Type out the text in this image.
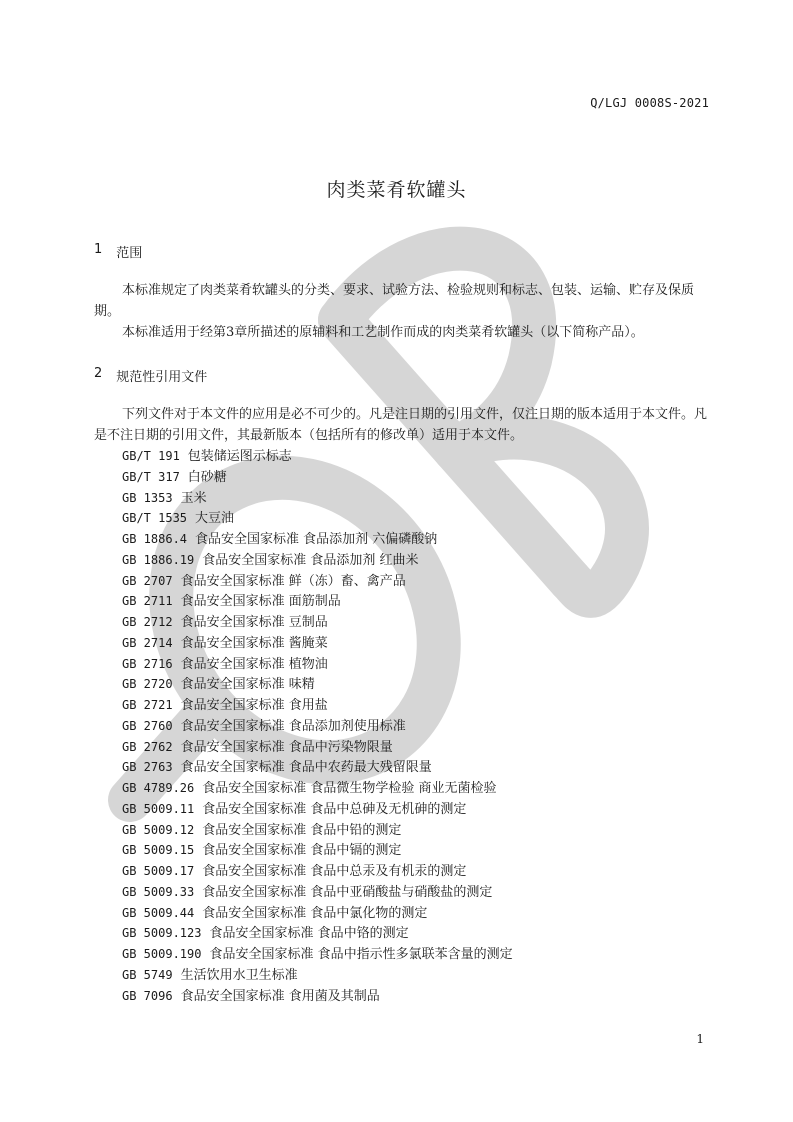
Q/LGJ 0008S-2021
肉类菜肴软罐头
1 范围

本标准规定了肉类菜肴软罐头的分类、要求、试验方法、检验规则和标志、包装、运输、贮存及保质期。

本标准适用于经第3章所描述的原辅料和工艺制作而成的肉类菜肴软罐头（以下简称产品）。

2 规范性引用文件

下列文件对于本文件的应用是必不可少的。凡是注日期的引用文件，仅注日期的版本适用于本文件。凡是不注日期的引用文件，其最新版本（包括所有的修改单）适用于本文件。

GB/T 191 包装储运图示标志
GB/T 317 白砂糖
GB 1353 玉米
GB/T 1535 大豆油
GB 1886.4 食品安全国家标准 食品添加剂 六偏磷酸钠
GB 1886.19 食品安全国家标准 食品添加剂 红曲米
GB 2707 食品安全国家标准 鲜（冻）畜、禽产品
GB 2711 食品安全国家标准 面筋制品
GB 2712 食品安全国家标准 豆制品
GB 2714 食品安全国家标准 酱腌菜
GB 2716 食品安全国家标准 植物油
GB 2720 食品安全国家标准 味精
GB 2721 食品安全国家标准 食用盐
GB 2760 食品安全国家标准 食品添加剂使用标准
GB 2762 食品安全国家标准 食品中污染物限量
GB 2763 食品安全国家标准 食品中农药最大残留限量
GB 4789.26 食品安全国家标准 食品微生物学检验 商业无菌检验
GB 5009.11 食品安全国家标准 食品中总砷及无机砷的测定
GB 5009.12 食品安全国家标准 食品中铅的测定
GB 5009.15 食品安全国家标准 食品中镉的测定
GB 5009.17 食品安全国家标准 食品中总汞及有机汞的测定
GB 5009.33 食品安全国家标准 食品中亚硝酸盐与硝酸盐的测定
GB 5009.44 食品安全国家标准 食品中氯化物的测定
GB 5009.123 食品安全国家标准 食品中铬的测定
GB 5009.190 食品安全国家标准 食品中指示性多氯联苯含量的测定
GB 5749 生活饮用水卫生标准
GB 7096 食品安全国家标准 食用菌及其制品
1
